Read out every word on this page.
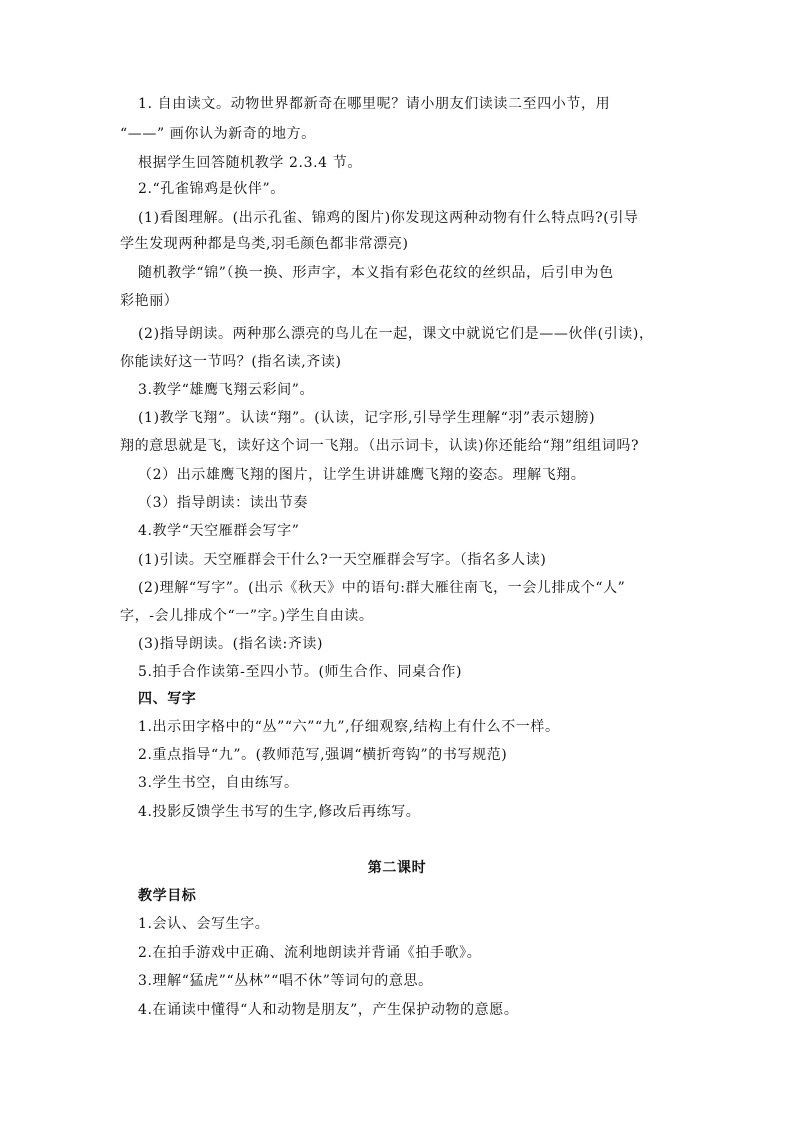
1. 自由读文。动物世界都新奇在哪里呢？请小朋友们读读二至四小节，用
“——” 画你认为新奇的地方。
根据学生回答随机教学 2.3.4 节。
2.“孔雀锦鸡是伙伴”。
(1)看图理解。(出示孔雀、锦鸡的图片)你发现这两种动物有什么特点吗?(引导
学生发现两种都是鸟类,羽毛颜色都非常漂亮)
随机教学“锦”（换一换、形声字，本义指有彩色花纹的丝织品，后引申为色
彩艳丽）
(2)指导朗读。两种那么漂亮的鸟儿在一起，课文中就说它们是——伙伴(引读)，
你能读好这一节吗？(指名读,齐读)
3.教学“雄鹰飞翔云彩间”。
(1)教学飞翔”。认读“翔”。(认读，记字形,引导学生理解“羽”表示翅膀)
翔的意思就是飞，读好这个词一飞翔。（出示词卡，认读)你还能给“翔”组组词吗?
（2）出示雄鹰飞翔的图片，让学生讲讲雄鹰飞翔的姿态。理解飞翔。
（3）指导朗读：读出节奏
4.教学“天空雁群会写字”
(1)引读。天空雁群会干什么?一天空雁群会写字。（指名多人读)
(2)理解“写字”。(出示《秋天》中的语句:群大雁往南飞，一会儿排成个“人”
字，-会儿排成个“一”字。)学生自由读。
(3)指导朗读。(指名读:齐读)
5.拍手合作读第-至四小节。(师生合作、同桌合作)
四、写字
1.出示田字格中的“丛”“六”“九”,仔细观察,结构上有什么不一样。
2.重点指导“九”。(教师范写,强调“横折弯钩”的书写规范)
3.学生书空，自由练写。
4.投影反馈学生书写的生字,修改后再练写。
第二课时
教学目标
1.会认、会写生字。
2.在拍手游戏中正确、流利地朗读并背诵《拍手歌》。
3.理解“猛虎”“丛林”“唱不休”等词句的意思。
4.在诵读中懂得“人和动物是朋友”，产生保护动物的意愿。
